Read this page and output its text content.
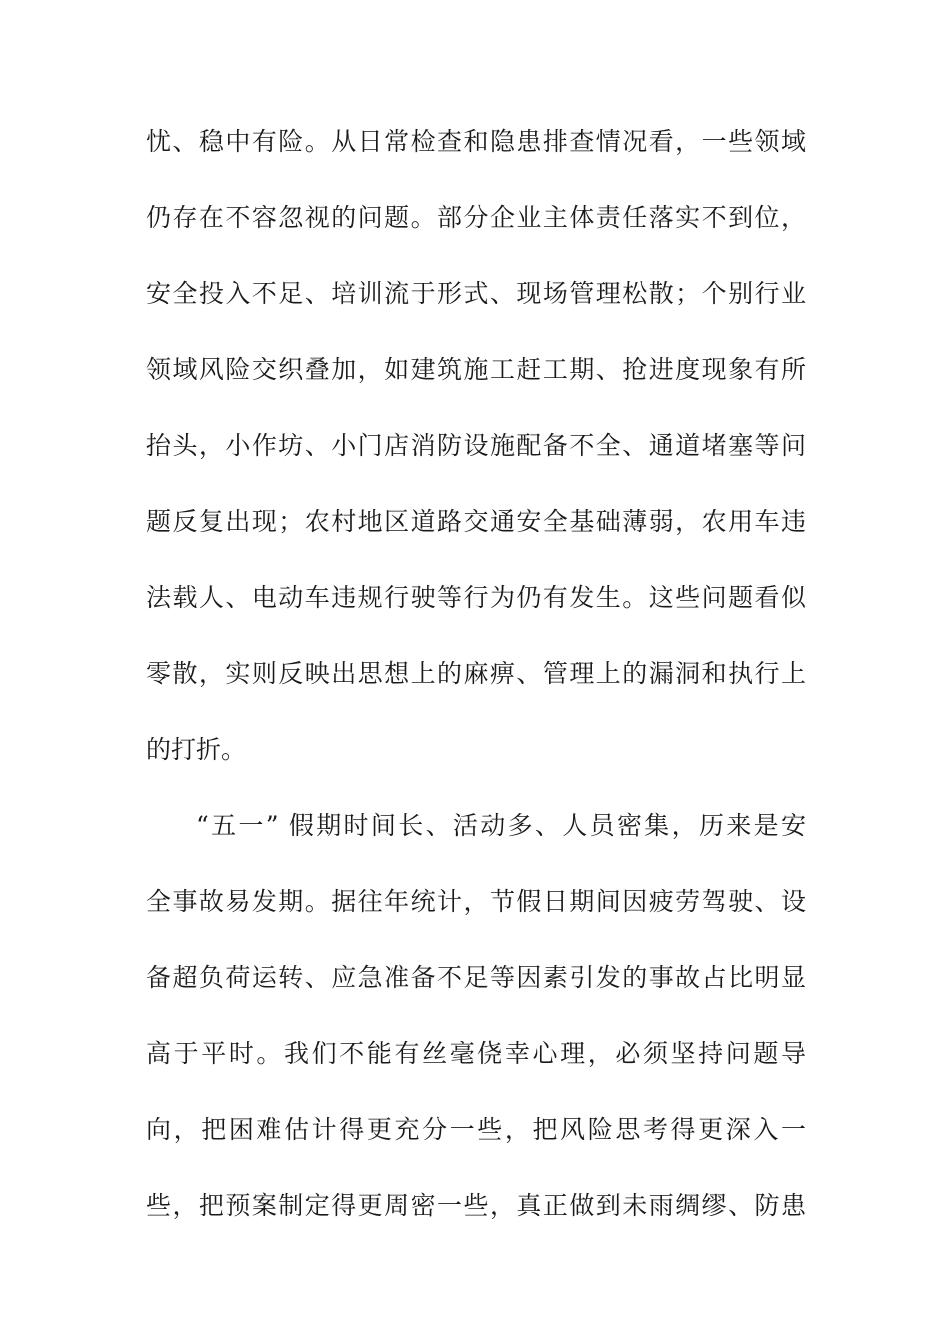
忧、稳中有险。从日常检查和隐患排查情况看，一些领域
仍存在不容忽视的问题。部分企业主体责任落实不到位，
安全投入不足、培训流于形式、现场管理松散；个别行业
领域风险交织叠加，如建筑施工赶工期、抢进度现象有所
抬头，小作坊、小门店消防设施配备不全、通道堵塞等问
题反复出现；农村地区道路交通安全基础薄弱，农用车违
法载人、电动车违规行驶等行为仍有发生。这些问题看似
零散，实则反映出思想上的麻痹、管理上的漏洞和执行上
的打折。
“五一” 假期时间长、活动多、人员密集，历来是安
全事故易发期。据往年统计，节假日期间因疲劳驾驶、设
备超负荷运转、应急准备不足等因素引发的事故占比明显
高于平时。我们不能有丝毫侥幸心理，必须坚持问题导
向，把困难估计得更充分一些，把风险思考得更深入一
些，把预案制定得更周密一些，真正做到未雨绸缪、防患
